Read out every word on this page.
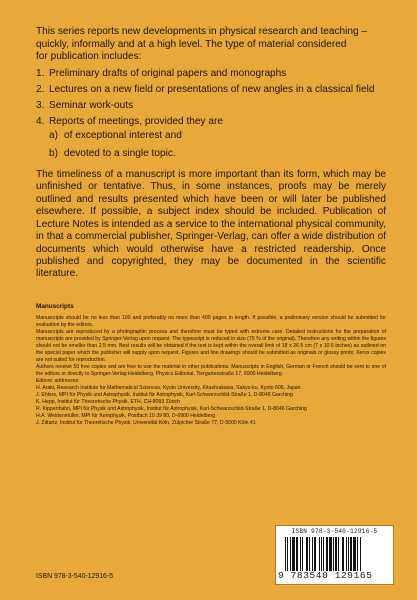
This series reports new developments in physical research and teaching –

quickly, informally and at a high level. The type of material considered

for publication includes:

1. Preliminary drafts of original papers and monographs
2. Lectures on a new field or presentations of new angles in a classical field
3. Seminar work-outs
4. Reports of meetings, provided they are
a) of exceptional interest and
b) devoted to a single topic.

The timeliness of a manuscript is more important than its form, which may be unfinished or tentative. Thus, in some instances, proofs may be merely outlined and results presented which have been or will later be published elsewhere. If possible, a subject index should be included. Publication of Lecture Notes is intended as a service to the international physical community, in that a commercial publisher, Springer-Verlag, can offer a wide distribution of documents which would otherwise have a restricted readership. Once published and copyrighted, they may be documented in the scientific literature.

Manuscripts

Manuscripts should be no less than 100 and preferably no more than 400 pages in length. If possible, a preliminary version should be submitted for evaluation by the editors.

Manuscripts are reproduced by a photographic process and therefore must be typed with extreme care. Detailed instructions for the preparation of manuscripts are provided by Springer-Verlag upon request. The typescript is reduced in size (75 % of the original). Therefore any writing within the figures should not be smaller than 2.5 mm. Best results will be obtained if the text is kept within the overall limit of 18 x 26.5 cm (7 x 10.5 inches) as outlined on the special paper which the publisher will supply upon request. Figures and line drawings should be submitted as originals or glossy prints; Xerox copies are not suited for reproduction.

Authors receive 50 free copies and are free to use the material in other publications. Manuscripts in English, German or French should be sent to one of the editors or directly to Springer-Verlag Heidelberg, Physics Editorial, Tiergartenstraße 17, 6900 Heidelberg.

Editors' addresses:

H. Araki, Research Institute for Mathematical Sciences, Kyoto University, Kitashrakawa, Sakyo-ku, Kyoto 606, Japan

J. Ehlers, MPI für Physik und Astrophysik, Institut für Astrophysik, Karl-Schwarzschild-Straße 1, D-8046 Garching

K. Hepp, Institut für Theoretische Physik, ETH, CH-8093 Zürich

R. Kippenhahn, MPI für Physik und Astrophysik, Institut für Astrophysik, Karl-Schwarzschild-Straße 1, D-8046 Garching

H.A. Weidenmüller, MPI für Kernphysik, Postfach 10 39 80, D-6900 Heidelberg

J. Zittartz, Institut für Theoretische Physik, Universität Köln, Zülpicher Straße 77, D-5000 Köln 41

ISBN 978-3-540-12916-5
ISBN 978-3-540-12916-5
9 783540 129165
